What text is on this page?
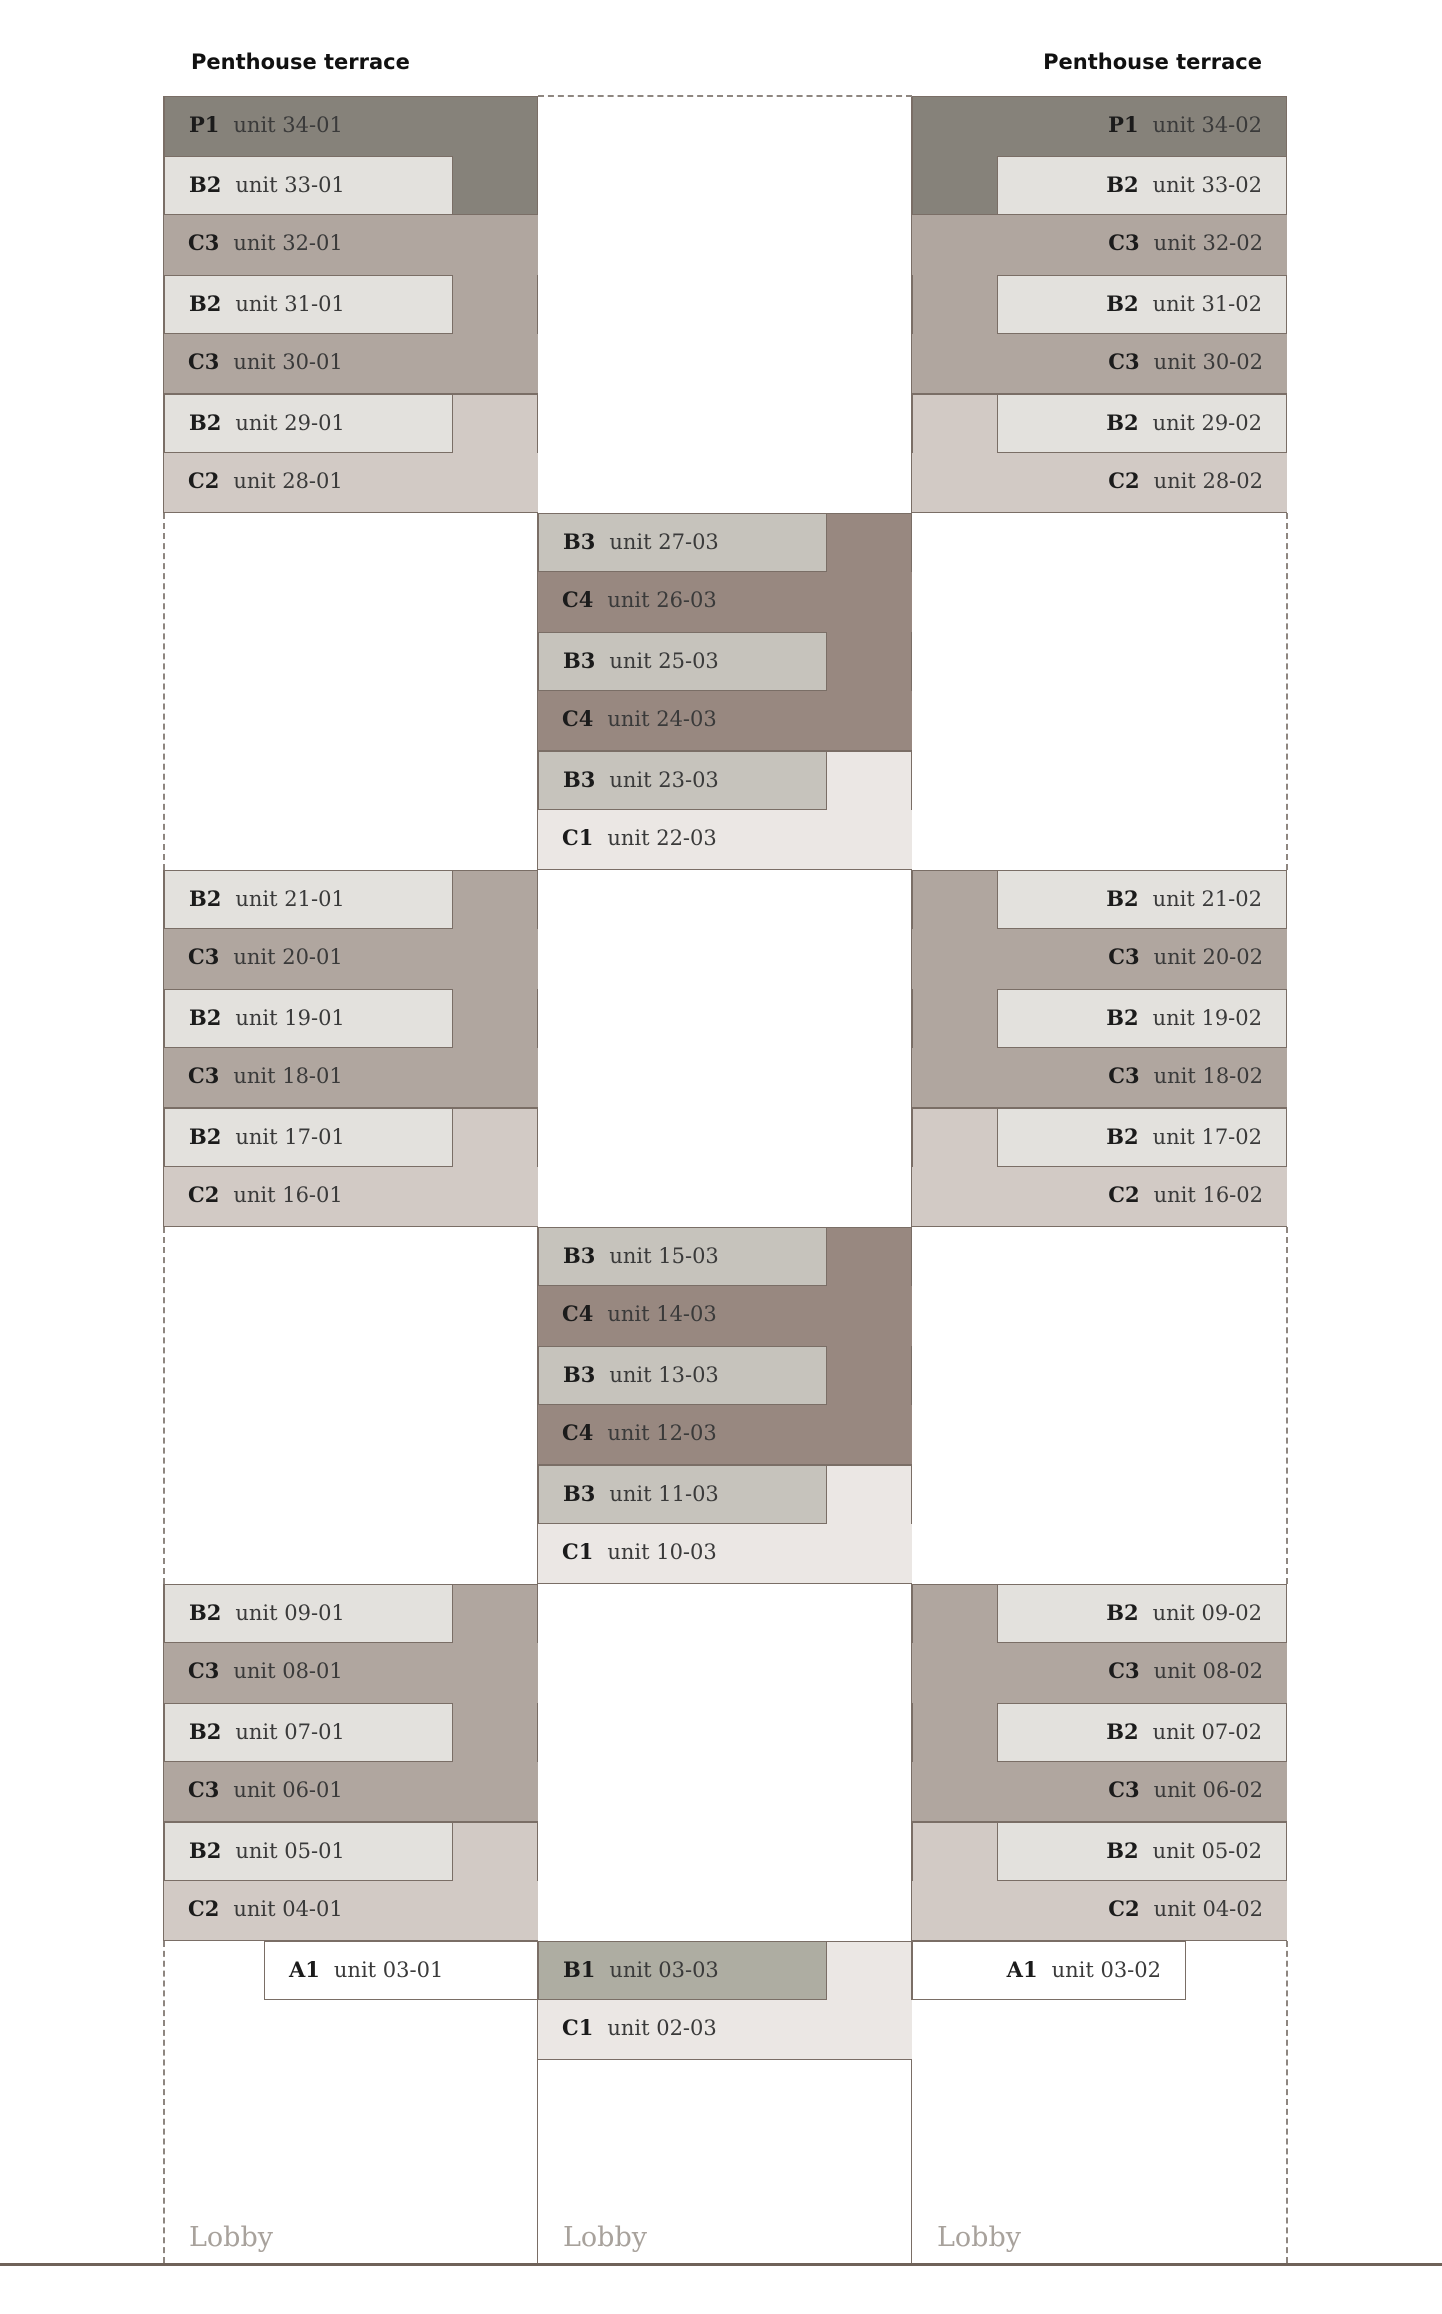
Penthouse terrace	Penthouse terrace
Lobby	Lobby	Lobby
P1 unit 34-01	P1 unit 34-02
B2 unit 33-01	B2 unit 33-02
C3 unit 32-01	C3 unit 32-02
B2 unit 31-01	B2 unit 31-02
C3 unit 30-01	C3 unit 30-02
B2 unit 29-01	B2 unit 29-02
C2 unit 28-01	C2 unit 28-02
B3 unit 27-03
C4 unit 26-03
B3 unit 25-03
C4 unit 24-03
B3 unit 23-03
C1 unit 22-03
B2 unit 21-01	B2 unit 21-02
C3 unit 20-01	C3 unit 20-02
B2 unit 19-01	B2 unit 19-02
C3 unit 18-01	C3 unit 18-02
B2 unit 17-01	B2 unit 17-02
C2 unit 16-01	C2 unit 16-02
B3 unit 15-03
C4 unit 14-03
B3 unit 13-03
C4 unit 12-03
B3 unit 11-03
C1 unit 10-03
B2 unit 09-01	B2 unit 09-02
C3 unit 08-01	C3 unit 08-02
B2 unit 07-01	B2 unit 07-02
C3 unit 06-01	C3 unit 06-02
B2 unit 05-01	B2 unit 05-02
C2 unit 04-01	C2 unit 04-02
A1 unit 03-01	B1 unit 03-03	A1 unit 03-02
C1 unit 02-03
